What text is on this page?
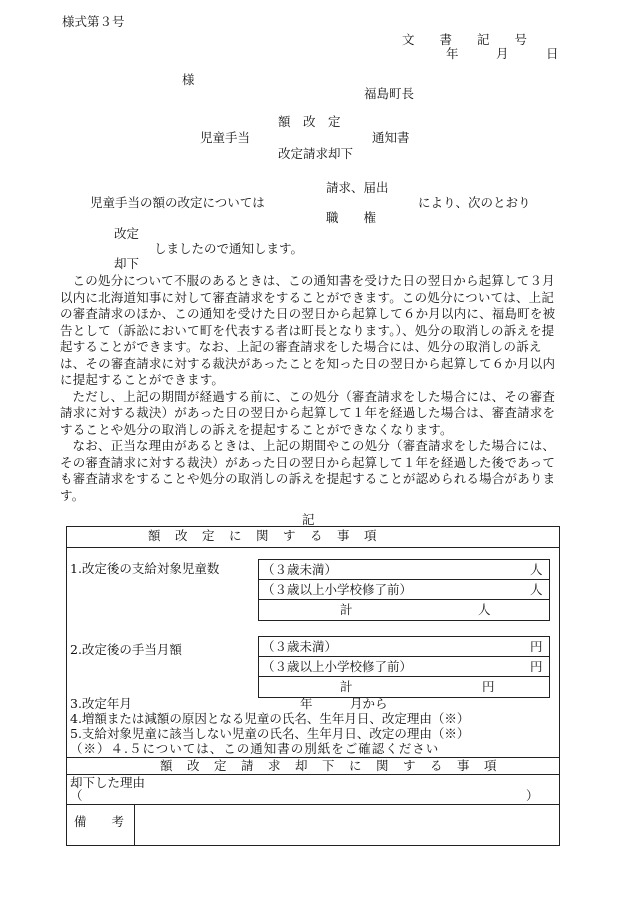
様式第３号
文　　書　　記　　号
年　　　月　　　日
様
福島町長
額　改　定
児童手当	通知書
改定請求却下
請求、届出
児童手当の額の改定については	により、次のとおり
職　　権
改定
しましたので通知します。
却下

この処分について不服のあるときは、この通知書を受けた日の翌日から起算して３月以内に北海道知事に対して審査請求をすることができます。この処分については、上記の審査請求のほか、この通知を受けた日の翌日から起算して６か月以内に、福島町を被告として（訴訟において町を代表する者は町長となります。）、処分の取消しの訴えを提起することができます。なお、上記の審査請求をした場合には、処分の取消しの訴えは、その審査請求に対する裁決があったことを知った日の翌日から起算して６か月以内に提起することができます。

ただし、上記の期間が経過する前に、この処分（審査請求をした場合には、その審査請求に対する裁決）があった日の翌日から起算して１年を経過した場合は、審査請求をすることや処分の取消しの訴えを提起することができなくなります。

なお、正当な理由があるときは、上記の期間やこの処分（審査請求をした場合には、その審査請求に対する裁決）があった日の翌日から起算して１年を経過した後であっても審査請求をすることや処分の取消しの訴えを提起することが認められる場合があります。

記
額　改　定　に　関　す　る　事　項
1.改定後の支給対象児童数	（３歳未満）	人
（３歳以上小学校修了前）	人
計	人
2.改定後の手当月額	（３歳未満）	円
（３歳以上小学校修了前）	円
計	円
3.改定年月	年　　　月から
4.増額または減額の原因となる児童の氏名、生年月日、改定理由（※）
5.支給対象児童に該当しない児童の氏名、生年月日、改定の理由（※）
（※）４.５については、この通知書の別紙をご確認ください
額　改　定　請　求　却　下　に　関　す　る　事　項
却下した理由
（	）
備　　考
